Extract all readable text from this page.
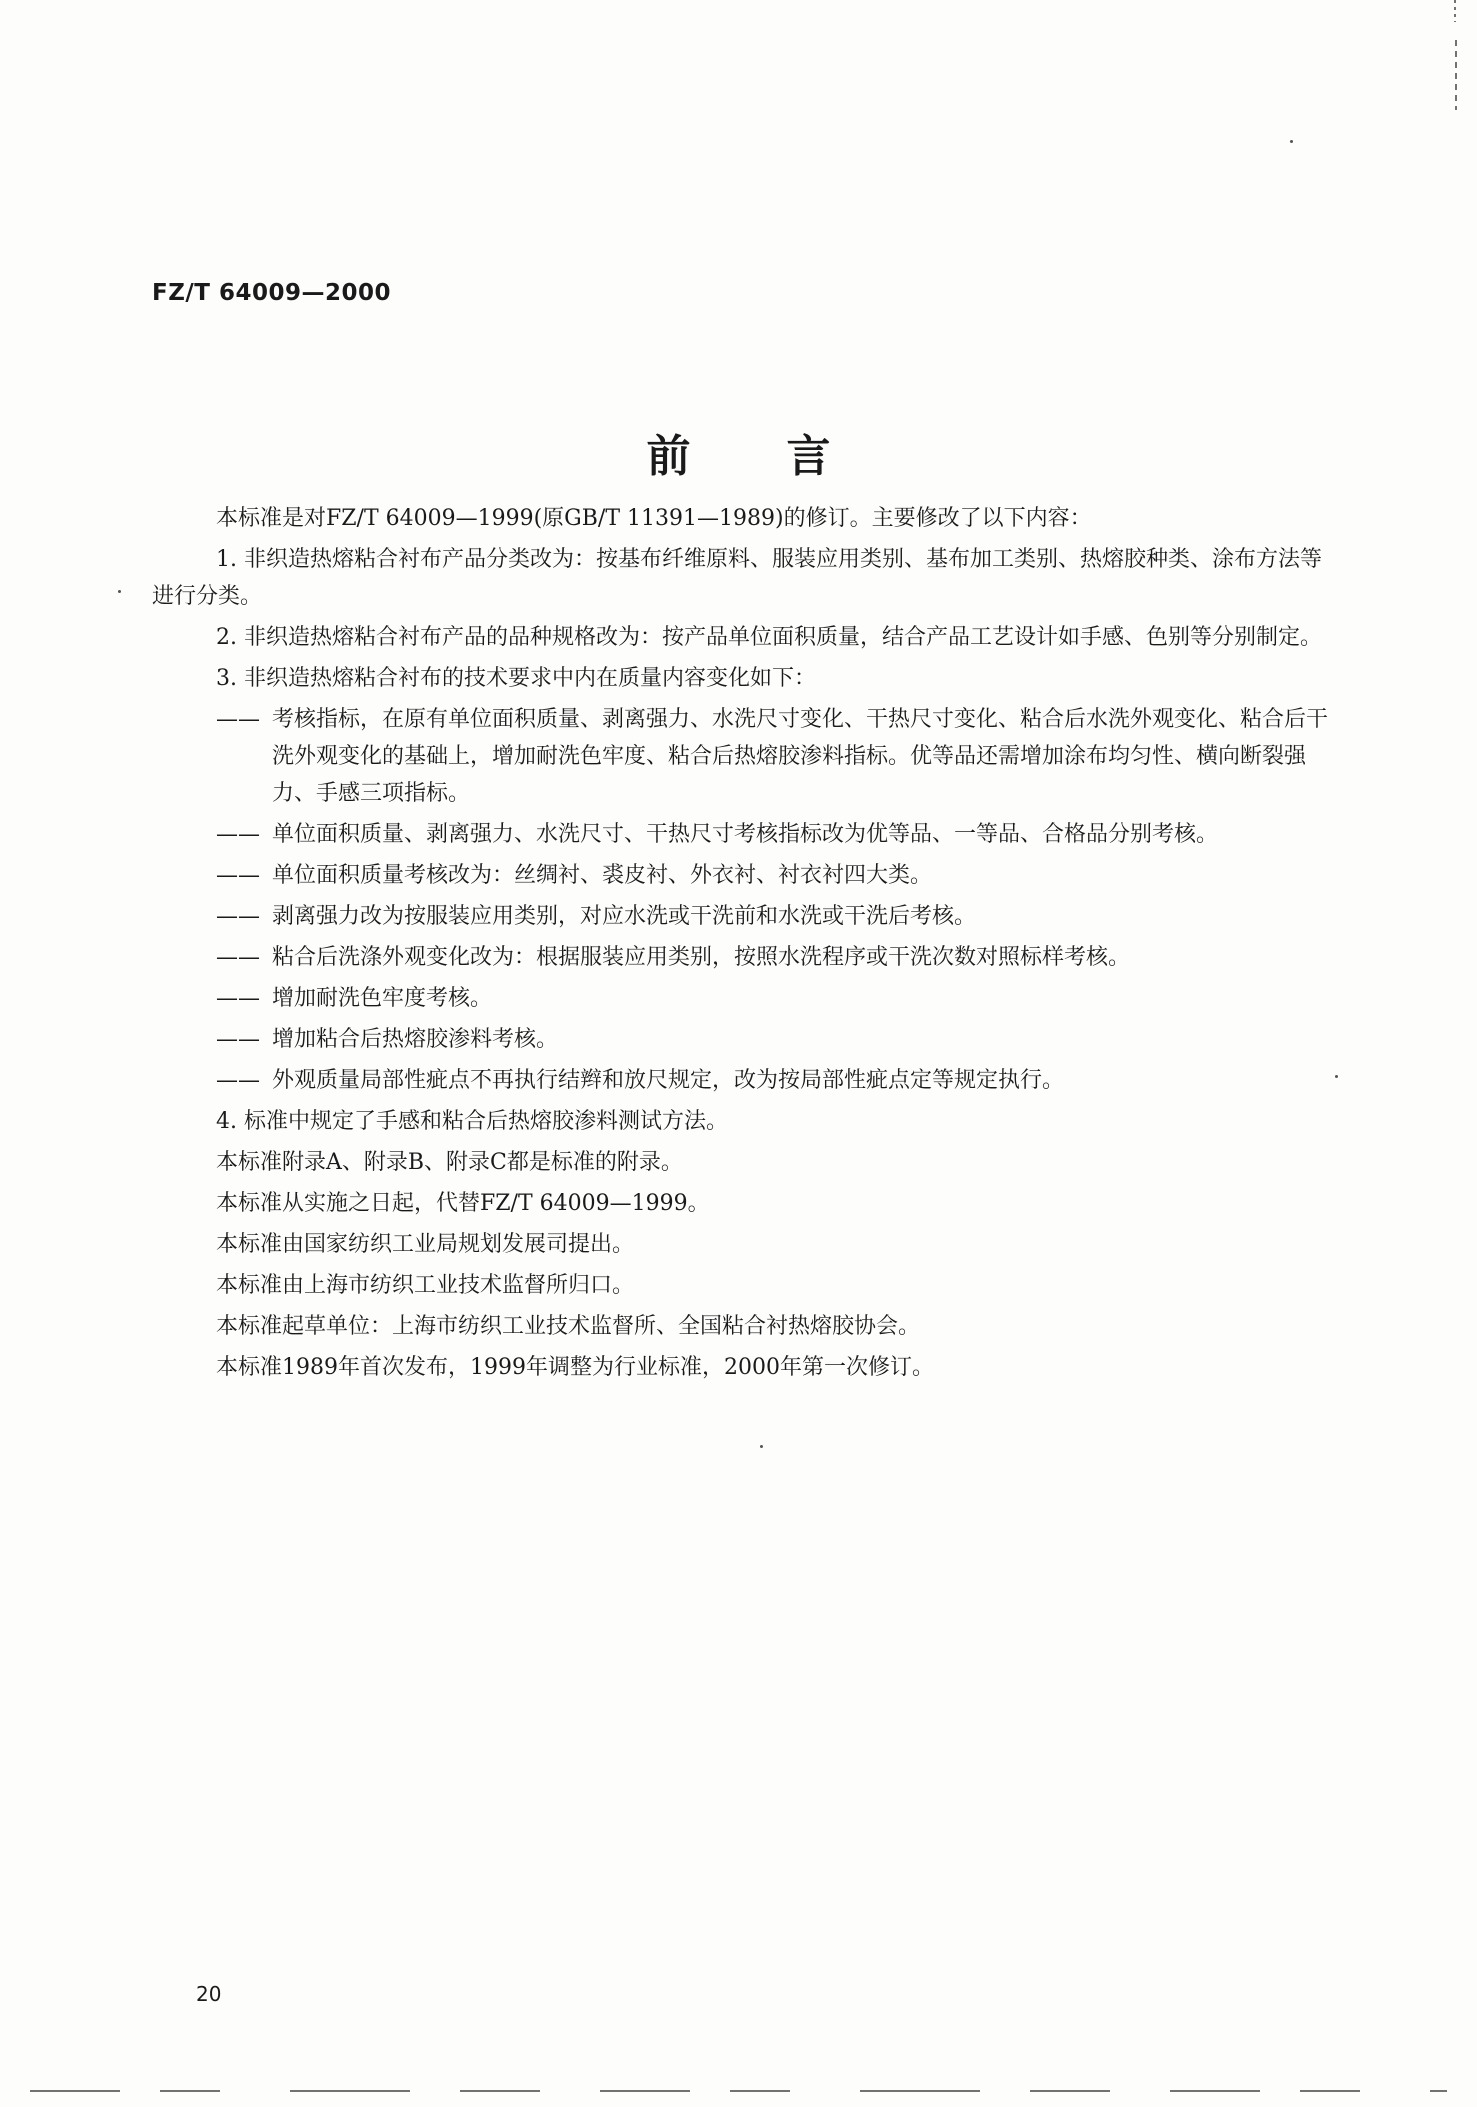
FZ/T 64009—2000
前言

本标准是对FZ/T 64009—1999(原GB/T 11391—1989)的修订。主要修改了以下内容：

1. 非织造热熔粘合衬布产品分类改为：按基布纤维原料、服装应用类别、基布加工类别、热熔胶种类、涂布方法等进行分类。

2. 非织造热熔粘合衬布产品的品种规格改为：按产品单位面积质量，结合产品工艺设计如手感、色别等分别制定。

3. 非织造热熔粘合衬布的技术要求中内在质量内容变化如下：

—— 考核指标，在原有单位面积质量、剥离强力、水洗尺寸变化、干热尺寸变化、粘合后水洗外观变化、粘合后干洗外观变化的基础上，增加耐洗色牢度、粘合后热熔胶渗料指标。优等品还需增加涂布均匀性、横向断裂强力、手感三项指标。
—— 单位面积质量、剥离强力、水洗尺寸、干热尺寸考核指标改为优等品、一等品、合格品分别考核。
—— 单位面积质量考核改为：丝绸衬、裘皮衬、外衣衬、衬衣衬四大类。
—— 剥离强力改为按服装应用类别，对应水洗或干洗前和水洗或干洗后考核。
—— 粘合后洗涤外观变化改为：根据服装应用类别，按照水洗程序或干洗次数对照标样考核。
—— 增加耐洗色牢度考核。
—— 增加粘合后热熔胶渗料考核。
—— 外观质量局部性疵点不再执行结辫和放尺规定，改为按局部性疵点定等规定执行。

4. 标准中规定了手感和粘合后热熔胶渗料测试方法。

本标准附录A、附录B、附录C都是标准的附录。

本标准从实施之日起，代替FZ/T 64009—1999。

本标准由国家纺织工业局规划发展司提出。

本标准由上海市纺织工业技术监督所归口。

本标准起草单位：上海市纺织工业技术监督所、全国粘合衬热熔胶协会。

本标准1989年首次发布，1999年调整为行业标准，2000年第一次修订。

20
